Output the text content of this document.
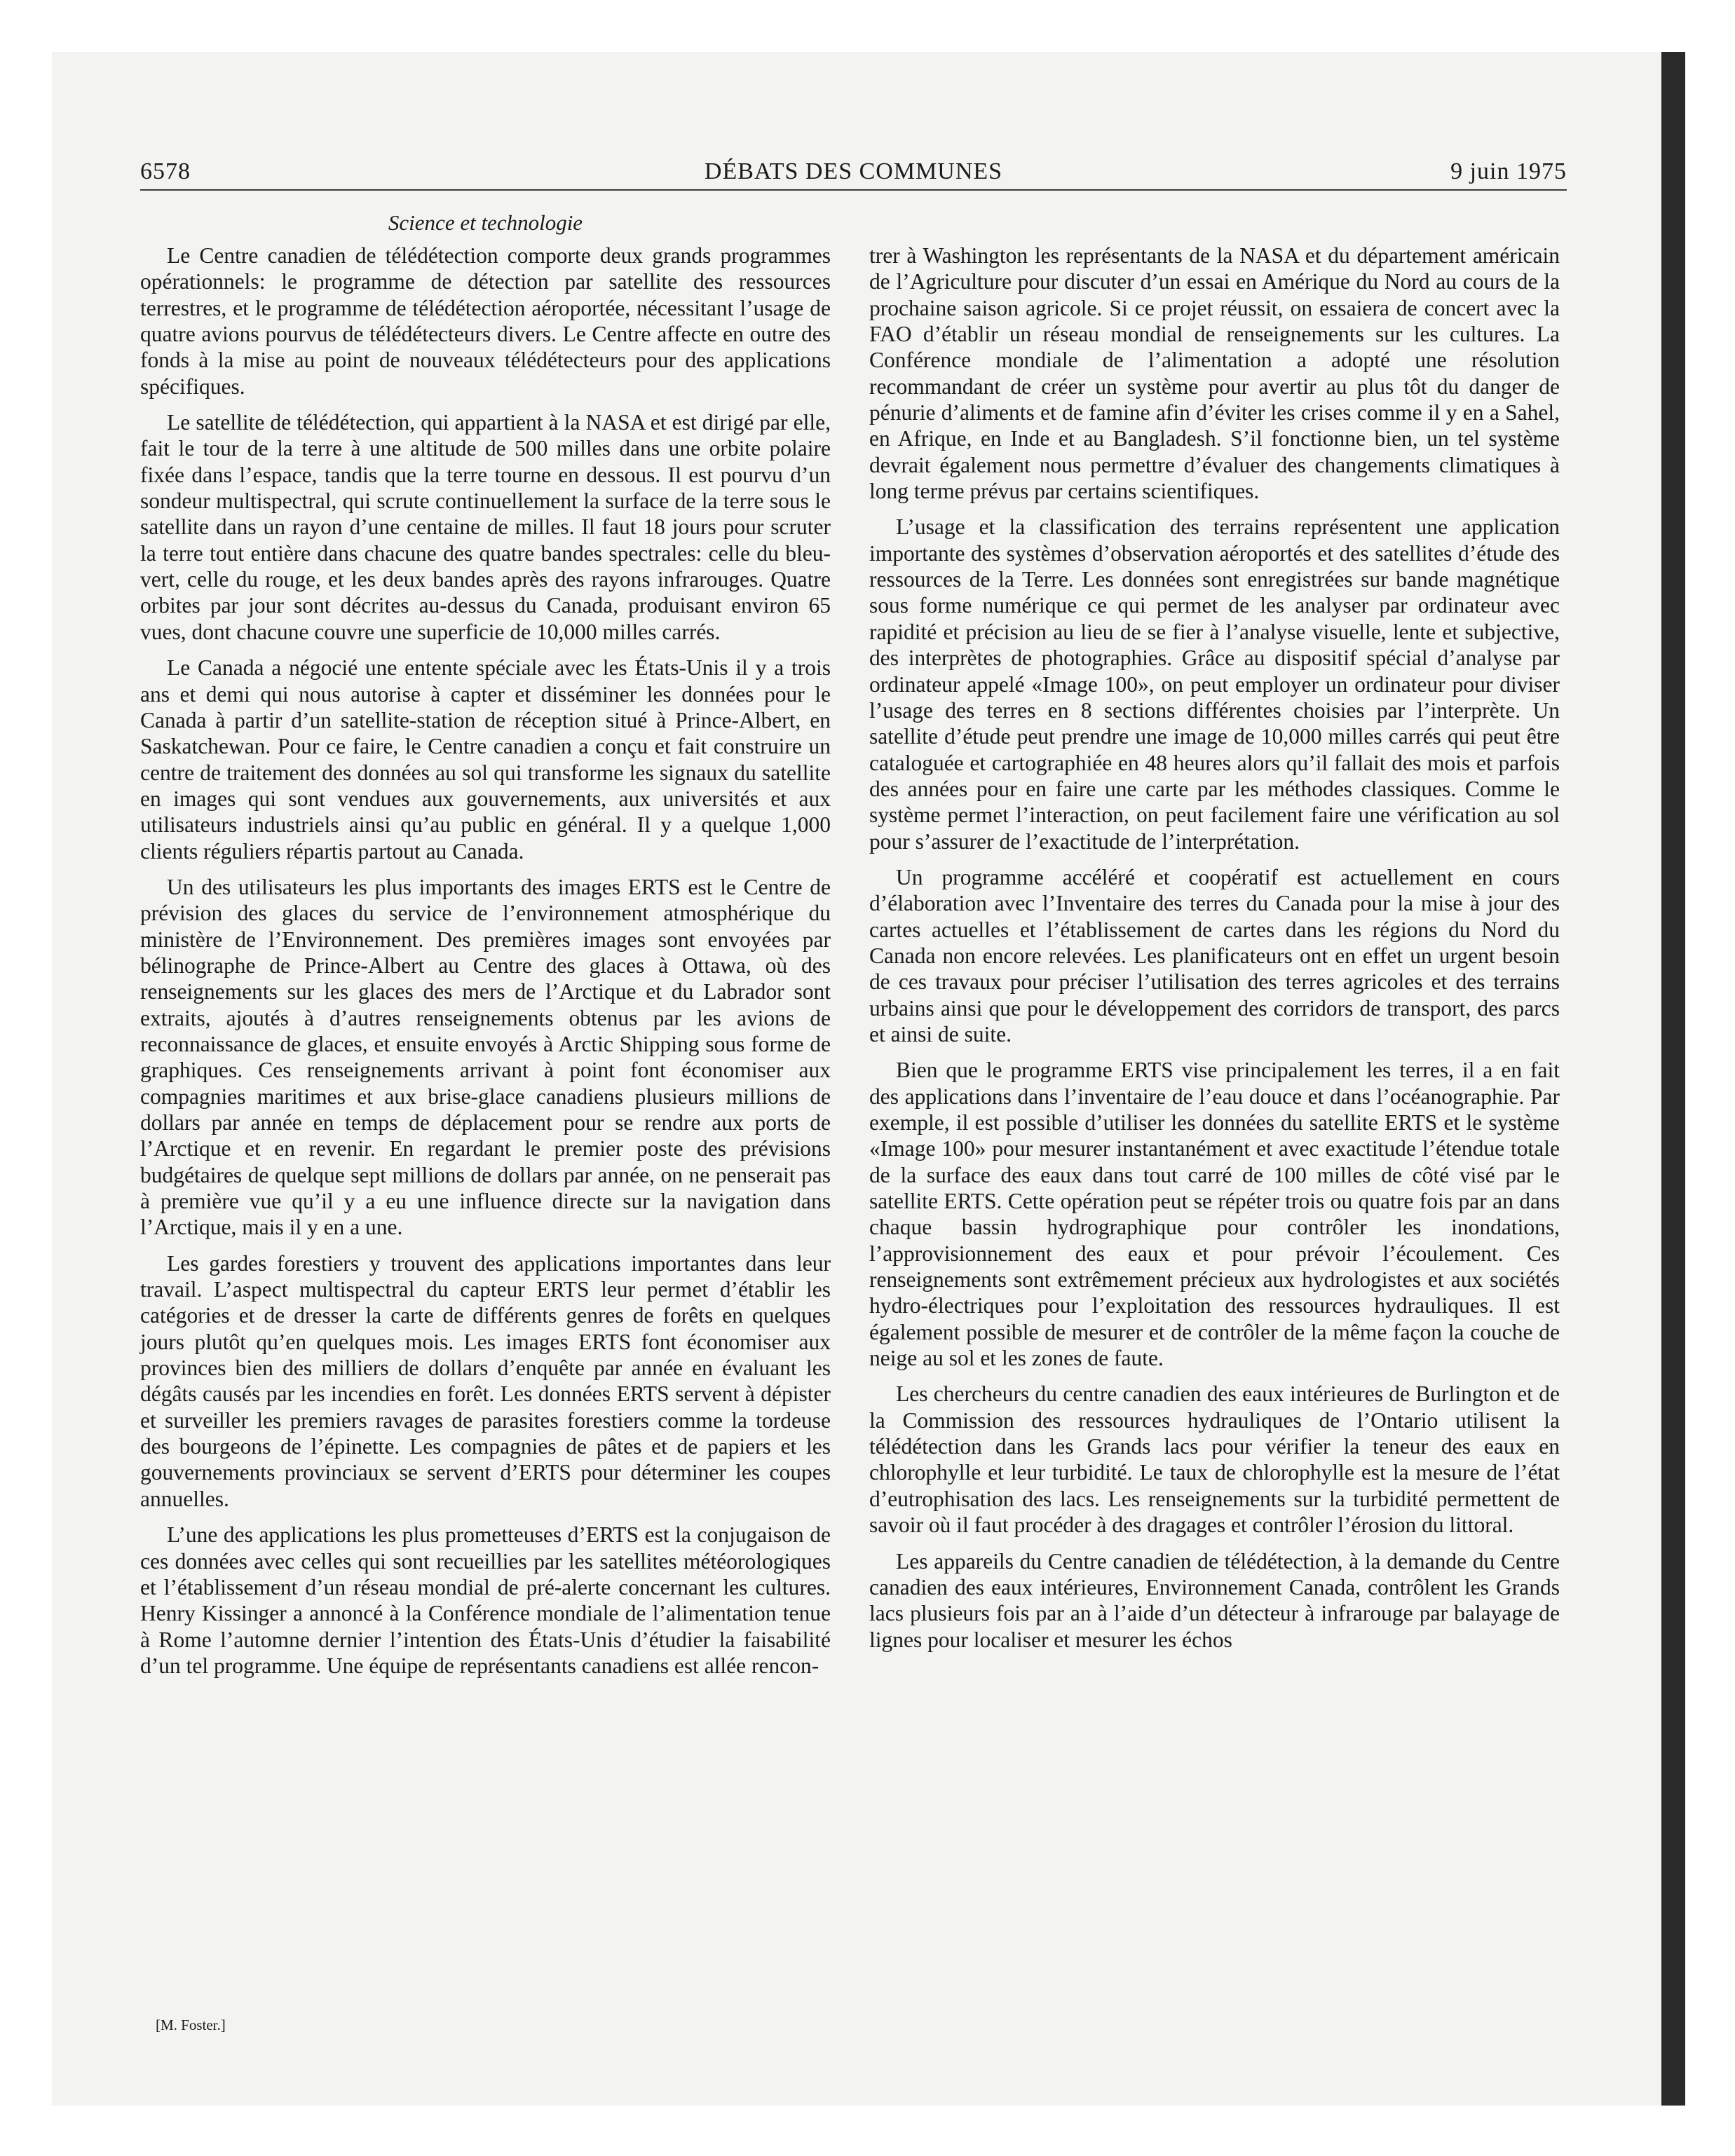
6578	DÉBATS DES COMMUNES	9 juin 1975
Science et technologie

Le Centre canadien de télédétection comporte deux grands programmes opérationnels: le programme de détection par satellite des ressources terrestres, et le programme de télédétection aéroportée, nécessitant l’usage de quatre avions pourvus de télédétecteurs divers. Le Centre affecte en outre des fonds à la mise au point de nouveaux télédétecteurs pour des applications spécifiques.

Le satellite de télédétection, qui appartient à la NASA et est dirigé par elle, fait le tour de la terre à une altitude de 500 milles dans une orbite polaire fixée dans l’espace, tandis que la terre tourne en dessous. Il est pourvu d’un sondeur multispectral, qui scrute continuellement la surface de la terre sous le satellite dans un rayon d’une centaine de milles. Il faut 18 jours pour scruter la terre tout entière dans chacune des quatre bandes spectrales: celle du bleu-vert, celle du rouge, et les deux bandes après des rayons infrarouges. Quatre orbites par jour sont décrites au-dessus du Canada, produisant environ 65 vues, dont chacune couvre une superficie de 10,000 milles carrés.

Le Canada a négocié une entente spéciale avec les États-Unis il y a trois ans et demi qui nous autorise à capter et disséminer les données pour le Canada à partir d’un satellite-station de réception situé à Prince-Albert, en Saskatchewan. Pour ce faire, le Centre canadien a conçu et fait construire un centre de traitement des données au sol qui transforme les signaux du satellite en images qui sont vendues aux gouvernements, aux universités et aux utilisateurs industriels ainsi qu’au public en général. Il y a quelque 1,000 clients réguliers répartis partout au Canada.

Un des utilisateurs les plus importants des images ERTS est le Centre de prévision des glaces du service de l’environnement atmosphérique du ministère de l’Environnement. Des premières images sont envoyées par bélinographe de Prince-Albert au Centre des glaces à Ottawa, où des renseignements sur les glaces des mers de l’Arctique et du Labrador sont extraits, ajoutés à d’autres renseignements obtenus par les avions de reconnaissance de glaces, et ensuite envoyés à Arctic Shipping sous forme de graphiques. Ces renseignements arrivant à point font économiser aux compagnies maritimes et aux brise-glace canadiens plusieurs millions de dollars par année en temps de déplacement pour se rendre aux ports de l’Arctique et en revenir. En regardant le premier poste des prévisions budgétaires de quelque sept millions de dollars par année, on ne penserait pas à première vue qu’il y a eu une influence directe sur la navigation dans l’Arctique, mais il y en a une.

Les gardes forestiers y trouvent des applications importantes dans leur travail. L’aspect multispectral du capteur ERTS leur permet d’établir les catégories et de dresser la carte de différents genres de forêts en quelques jours plutôt qu’en quelques mois. Les images ERTS font économiser aux provinces bien des milliers de dollars d’enquête par année en évaluant les dégâts causés par les incendies en forêt. Les données ERTS servent à dépister et surveiller les premiers ravages de parasites forestiers comme la tordeuse des bourgeons de l’épinette. Les compagnies de pâtes et de papiers et les gouvernements provinciaux se servent d’ERTS pour déterminer les coupes annuelles.

L’une des applications les plus prometteuses d’ERTS est la conjugaison de ces données avec celles qui sont recueillies par les satellites météorologiques et l’établissement d’un réseau mondial de pré-alerte concernant les cultures. Henry Kissinger a annoncé à la Conférence mondiale de l’alimentation tenue à Rome l’automne dernier l’intention des États-Unis d’étudier la faisabilité d’un tel programme. Une équipe de représentants canadiens est allée rencon-

[M. Foster.]

trer à Washington les représentants de la NASA et du département américain de l’Agriculture pour discuter d’un essai en Amérique du Nord au cours de la prochaine saison agricole. Si ce projet réussit, on essaiera de concert avec la FAO d’établir un réseau mondial de renseignements sur les cultures. La Conférence mondiale de l’alimentation a adopté une résolution recommandant de créer un système pour avertir au plus tôt du danger de pénurie d’aliments et de famine afin d’éviter les crises comme il y en a Sahel, en Afrique, en Inde et au Bangladesh. S’il fonctionne bien, un tel système devrait également nous permettre d’évaluer des changements climatiques à long terme prévus par certains scientifiques.

L’usage et la classification des terrains représentent une application importante des systèmes d’observation aéroportés et des satellites d’étude des ressources de la Terre. Les données sont enregistrées sur bande magnétique sous forme numérique ce qui permet de les analyser par ordinateur avec rapidité et précision au lieu de se fier à l’analyse visuelle, lente et subjective, des interprètes de photographies. Grâce au dispositif spécial d’analyse par ordinateur appelé «Image 100», on peut employer un ordinateur pour diviser l’usage des terres en 8 sections différentes choisies par l’interprète. Un satellite d’étude peut prendre une image de 10,000 milles carrés qui peut être cataloguée et cartographiée en 48 heures alors qu’il fallait des mois et parfois des années pour en faire une carte par les méthodes classiques. Comme le système permet l’interaction, on peut facilement faire une vérification au sol pour s’assurer de l’exactitude de l’interprétation.

Un programme accéléré et coopératif est actuellement en cours d’élaboration avec l’Inventaire des terres du Canada pour la mise à jour des cartes actuelles et l’établissement de cartes dans les régions du Nord du Canada non encore relevées. Les planificateurs ont en effet un urgent besoin de ces travaux pour préciser l’utilisation des terres agricoles et des terrains urbains ainsi que pour le développement des corridors de transport, des parcs et ainsi de suite.

Bien que le programme ERTS vise principalement les terres, il a en fait des applications dans l’inventaire de l’eau douce et dans l’océanographie. Par exemple, il est possible d’utiliser les données du satellite ERTS et le système «Image 100» pour mesurer instantanément et avec exactitude l’étendue totale de la surface des eaux dans tout carré de 100 milles de côté visé par le satellite ERTS. Cette opération peut se répéter trois ou quatre fois par an dans chaque bassin hydrographique pour contrôler les inondations, l’approvisionnement des eaux et pour prévoir l’écoulement. Ces renseignements sont extrêmement précieux aux hydrologistes et aux sociétés hydro-électriques pour l’exploitation des ressources hydrauliques. Il est également possible de mesurer et de contrôler de la même façon la couche de neige au sol et les zones de faute.

Les chercheurs du centre canadien des eaux intérieures de Burlington et de la Commission des ressources hydrauliques de l’Ontario utilisent la télédétection dans les Grands lacs pour vérifier la teneur des eaux en chlorophylle et leur turbidité. Le taux de chlorophylle est la mesure de l’état d’eutrophisation des lacs. Les renseignements sur la turbidité permettent de savoir où il faut procéder à des dragages et contrôler l’érosion du littoral.

Les appareils du Centre canadien de télédétection, à la demande du Centre canadien des eaux intérieures, Environnement Canada, contrôlent les Grands lacs plusieurs fois par an à l’aide d’un détecteur à infrarouge par balayage de lignes pour localiser et mesurer les échos
